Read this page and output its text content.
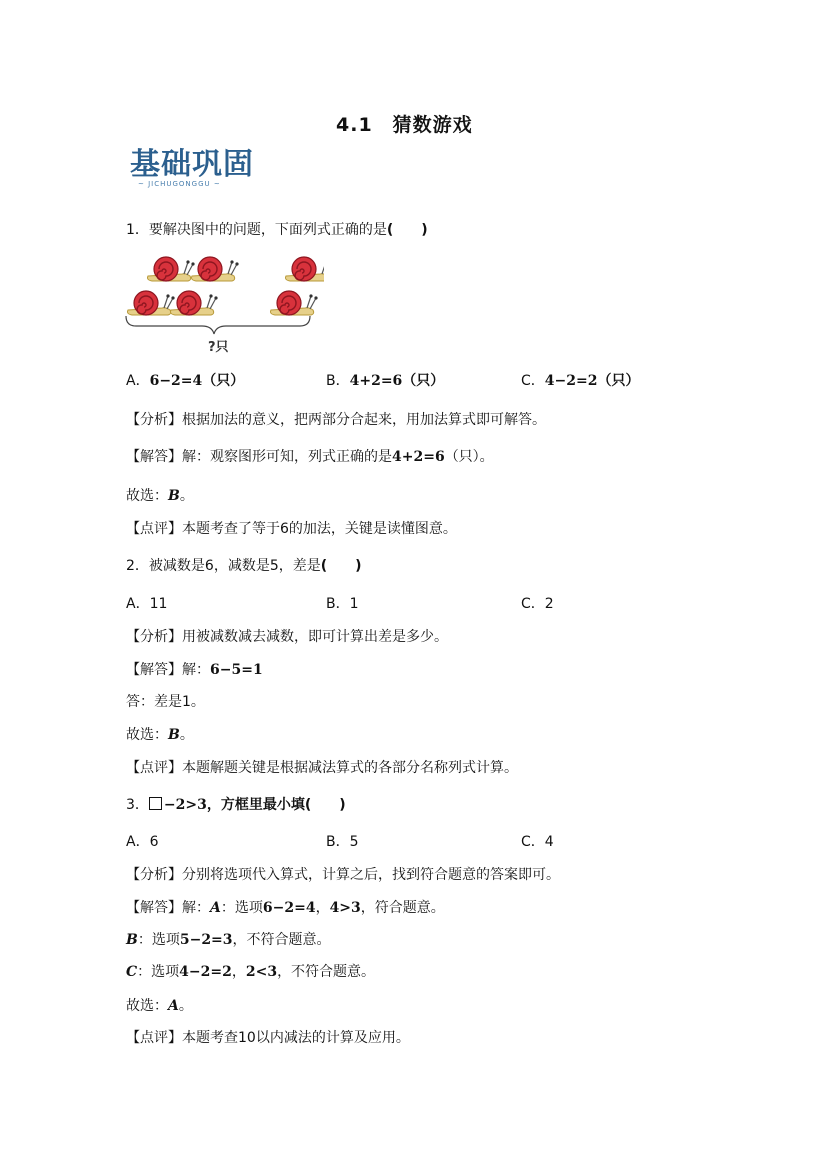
4.1　猜数游戏
基础巩固
~ JICHUGONGGU ~
1．要解决图中的问题，下面列式正确的是(　　)
?只
A．6−2=4（只）	B．4+2=6（只）	C．4−2=2（只）
【分析】根据加法的意义，把两部分合起来，用加法算式即可解答。
【解答】解：观察图形可知，列式正确的是4+2=6（只）。
故选：B。
【点评】本题考查了等于6的加法，关键是读懂图意。
2．被减数是6，减数是5，差是(　　)
A．11	B．1	C．2
【分析】用被减数减去减数，即可计算出差是多少。
【解答】解：6−5=1
答：差是1。
故选：B。
【点评】本题解题关键是根据减法算式的各部分名称列式计算。
3． −2>3，方框里最小填(　　)
A．6	B．5	C．4
【分析】分别将选项代入算式，计算之后，找到符合题意的答案即可。
【解答】解：A：选项6−2=4，4>3，符合题意。
B：选项5−2=3，不符合题意。
C：选项4−2=2，2<3，不符合题意。
故选：A。
【点评】本题考查10以内减法的计算及应用。
